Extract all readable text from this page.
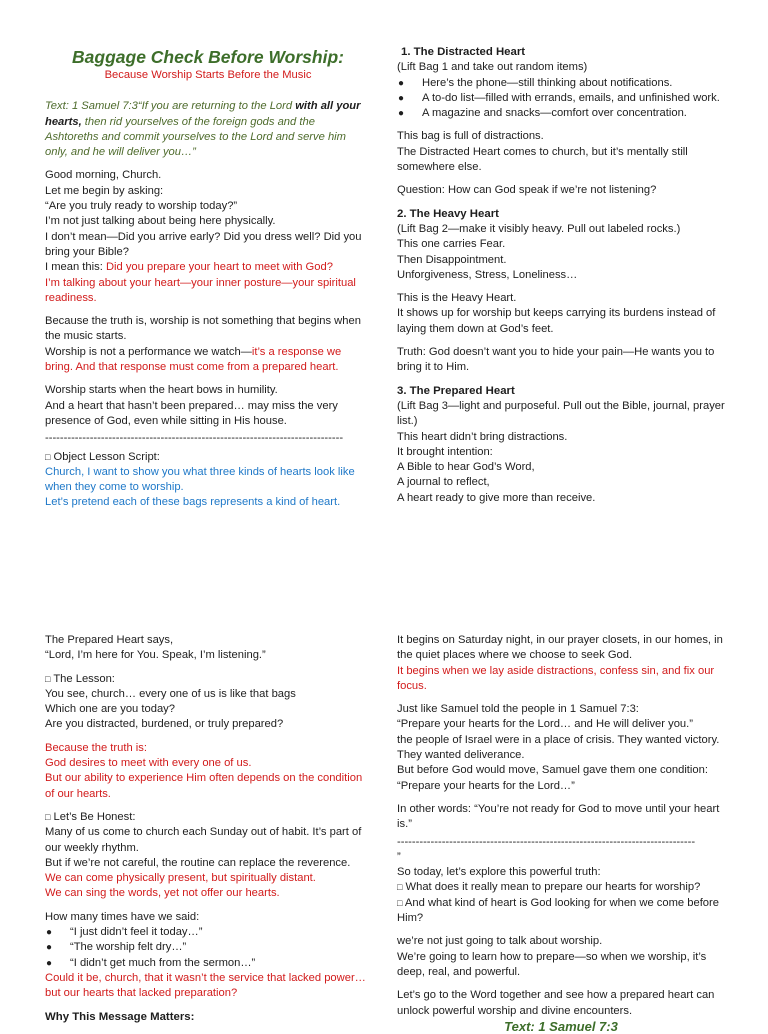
Baggage Check Before Worship:
Because Worship Starts Before the Music

Text: 1 Samuel 7:3“If you are returning to the Lord with all your hearts, then rid yourselves of the foreign gods and the Ashtoreths and commit yourselves to the Lord and serve him only, and he will deliver you…”

Good morning, Church.
Let me begin by asking:
“Are you truly ready to worship today?”
I’m not just talking about being here physically.
I don’t mean—Did you arrive early? Did you dress well? Did you bring your Bible?
I mean this: Did you prepare your heart to meet with God?
I’m talking about your heart—your inner posture—your spiritual readiness.

Because the truth is, worship is not something that begins when the music starts.
Worship is not a performance we watch—it’s a response we bring. And that response must come from a prepared heart.

Worship starts when the heart bows in humility.
And a heart that hasn’t been prepared… may miss the very presence of God, even while sitting in His house.

--------------------------------------------------------------------------------

□ Object Lesson Script:
Church, I want to show you what three kinds of hearts look like when they come to worship.
Let’s pretend each of these bags represents a kind of heart.

1. The Distracted Heart
(Lift Bag 1 and take out random items)
● Here’s the phone—still thinking about notifications.
● A to-do list—filled with errands, emails, and unfinished work.
● A magazine and snacks—comfort over concentration.

This bag is full of distractions.
The Distracted Heart comes to church, but it’s mentally still somewhere else.

Question: How can God speak if we’re not listening?

2. The Heavy Heart

(Lift Bag 2—make it visibly heavy. Pull out labeled rocks.)
This one carries Fear.
Then Disappointment.
Unforgiveness, Stress, Loneliness…

This is the Heavy Heart.
It shows up for worship but keeps carrying its burdens instead of laying them down at God’s feet.

Truth: God doesn’t want you to hide your pain—He wants you to bring it to Him.

3. The Prepared Heart

(Lift Bag 3—light and purposeful. Pull out the Bible, journal, prayer list.)
This heart didn’t bring distractions.
It brought intention:
A Bible to hear God’s Word,
A journal to reflect,
A heart ready to give more than receive.

The Prepared Heart says,
“Lord, I’m here for You. Speak, I’m listening.”

□ The Lesson:
You see, church… every one of us is like that bags
Which one are you today?
Are you distracted, burdened, or truly prepared?

Because the truth is:
God desires to meet with every one of us.
But our ability to experience Him often depends on the condition of our hearts.

□ Let’s Be Honest:
Many of us come to church each Sunday out of habit. It’s part of our weekly rhythm.
But if we’re not careful, the routine can replace the reverence.
We can come physically present, but spiritually distant.
We can sing the words, yet not offer our hearts.

How many times have we said:
● “I just didn’t feel it today…”
● “The worship felt dry…”
● “I didn’t get much from the sermon…”

Could it be, church, that it wasn’t the service that lacked power…but our hearts that lacked preparation?

Why This Message Matters:

It begins on Saturday night, in our prayer closets, in our homes, in the quiet places where we choose to seek God.
It begins when we lay aside distractions, confess sin, and fix our focus.

Just like Samuel told the people in 1 Samuel 7:3:
“Prepare your hearts for the Lord… and He will deliver you.”
the people of Israel were in a place of crisis. They wanted victory. They wanted deliverance.
But before God would move, Samuel gave them one condition:
“Prepare your hearts for the Lord…”

In other words: “You’re not ready for God to move until your heart is.”

--------------------------------------------------------------------------------
”

So today, let’s explore this powerful truth:
□ What does it really mean to prepare our hearts for worship?
□ And what kind of heart is God looking for when we come before Him?

we’re not just going to talk about worship.
We’re going to learn how to prepare—so when we worship, it’s deep, real, and powerful.

Let’s go to the Word together and see how a prepared heart can unlock powerful worship and divine encounters.

Text: 1 Samuel 7:3
